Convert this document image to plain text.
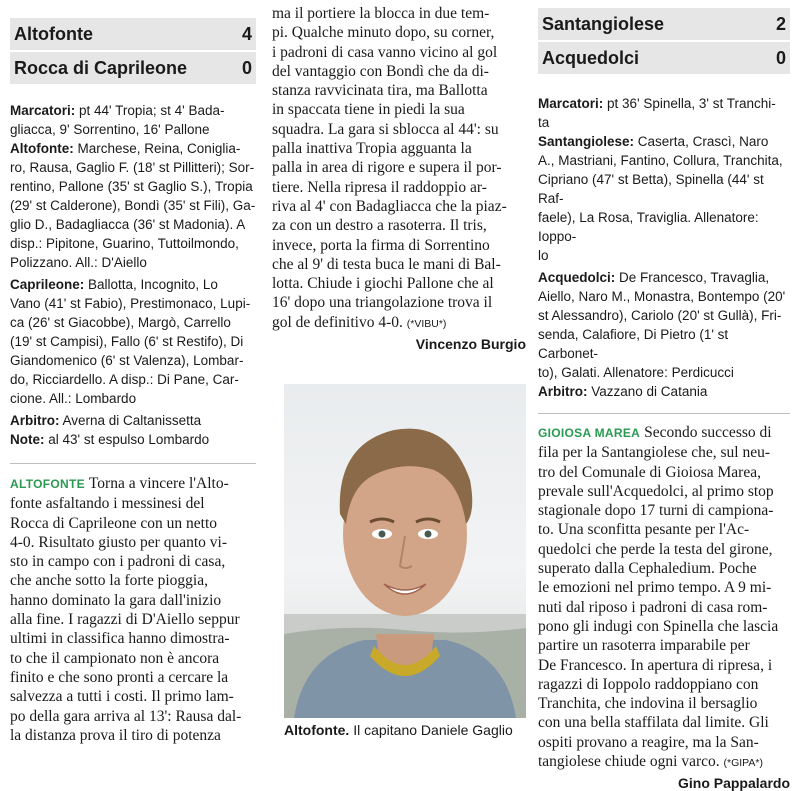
Altofonte	4
Rocca di Caprileone	0
Marcatori: pt 44' Tropia; st 4' Bada-
gliacca, 9' Sorrentino, 16' Pallone
Altofonte: Marchese, Reina, Coniglia-
ro, Rausa, Gaglio F. (18' st Pillitteri); Sor-
rentino, Pallone (35' st Gaglio S.), Tropia
(29' st Calderone), Bondì (35' st Fili), Ga-
glio D., Badagliacca (36' st Madonia). A
disp.: Pipitone, Guarino, Tuttoilmondo,
Polizzano. All.: D'Aiello
Caprileone: Ballotta, Incognito, Lo
Vano (41' st Fabio), Prestimonaco, Lupi-
ca (26' st Giacobbe), Margò, Carrello
(19' st Campisi), Fallo (6' st Restifo), Di
Giandomenico (6' st Valenza), Lombar-
do, Ricciardello. A disp.: Di Pane, Car-
cione. All.: Lombardo
Arbitro: Averna di Caltanissetta
Note: al 43' st espulso Lombardo
ALTOFONTE Torna a vincere l'Alto-
fonte asfaltando i messinesi del
Rocca di Caprileone con un netto
4-0. Risultato giusto per quanto vi-
sto in campo con i padroni di casa,
che anche sotto la forte pioggia,
hanno dominato la gara dall'inizio
alla fine. I ragazzi di D'Aiello seppur
ultimi in classifica hanno dimostra-
to che il campionato non è ancora
finito e che sono pronti a cercare la
salvezza a tutti i costi. Il primo lam-
po della gara arriva al 13': Rausa dal-
la distanza prova il tiro di potenza
ma il portiere la blocca in due tem-
pi. Qualche minuto dopo, su corner,
i padroni di casa vanno vicino al gol
del vantaggio con Bondì che da di-
stanza ravvicinata tira, ma Ballotta
in spaccata tiene in piedi la sua
squadra. La gara si sblocca al 44': su
palla inattiva Tropia agguanta la
palla in area di rigore e supera il por-
tiere. Nella ripresa il raddoppio ar-
riva al 4' con Badagliacca che la piaz-
za con un destro a rasoterra. Il tris,
invece, porta la firma di Sorrentino
che al 9' di testa buca le mani di Bal-
lotta. Chiude i giochi Pallone che al
16' dopo una triangolazione trova il
gol de definitivo 4-0. (*VIBU*)
Vincenzo Burgio
Altofonte. Il capitano Daniele Gaglio
Santangiolese	2
Acquedolci	0
Marcatori: pt 36' Spinella, 3' st Tranchi-
ta
Santangiolese: Caserta, Crascì, Naro
A., Mastriani, Fantino, Collura, Tranchita,
Cipriano (47' st Betta), Spinella (44' st Raf-
faele), La Rosa, Traviglia. Allenatore: Ioppo-
lo
Acquedolci: De Francesco, Travaglia,
Aiello, Naro M., Monastra, Bontempo (20'
st Alessandro), Cariolo (20' st Gullà), Fri-
senda, Calafiore, Di Pietro (1' st Carbonet-
to), Galati. Allenatore: Perdicucci
Arbitro: Vazzano di Catania
GIOIOSA MAREA Secondo successo di
fila per la Santangiolese che, sul neu-
tro del Comunale di Gioiosa Marea,
prevale sull'Acquedolci, al primo stop
stagionale dopo 17 turni di campiona-
to. Una sconfitta pesante per l'Ac-
quedolci che perde la testa del girone,
superato dalla Cephaledium. Poche
le emozioni nel primo tempo. A 9 mi-
nuti dal riposo i padroni di casa rom-
pono gli indugi con Spinella che lascia
partire un rasoterra imparabile per
De Francesco. In apertura di ripresa, i
ragazzi di Ioppolo raddoppiano con
Tranchita, che indovina il bersaglio
con una bella staffilata dal limite. Gli
ospiti provano a reagire, ma la San-
tangiolese chiude ogni varco. (*GIPA*)
Gino Pappalardo
